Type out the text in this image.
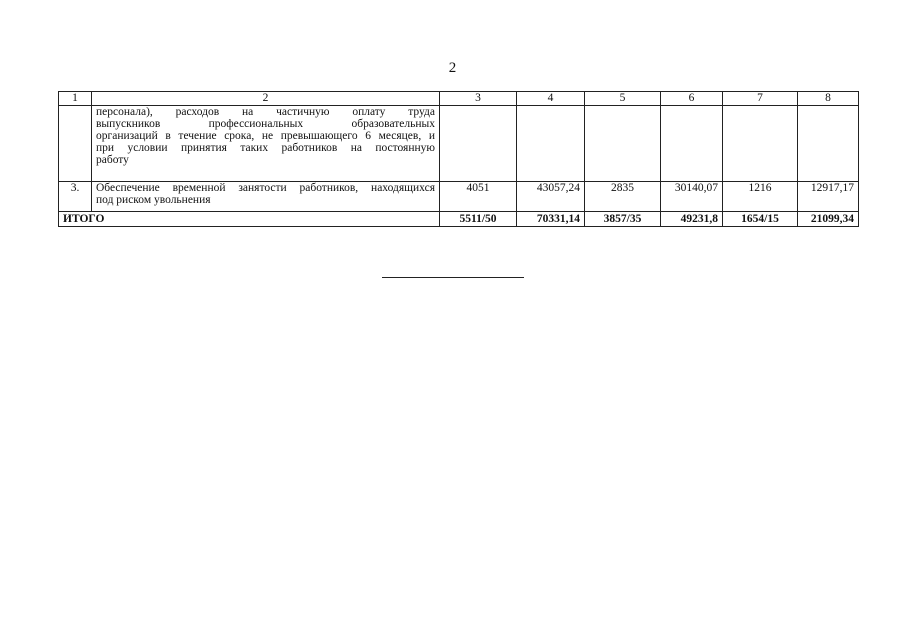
2
1	2	3	4	5	6	7	8

	персонала), расходов на частичную оплату труда
выпускников профессиональных образовательных
организаций в течение срока, не превышающего 6 месяцев, и
при условии принятия таких работников на постоянную
работу						

3.	Обеспечение временной занятости работников, находящихся
под риском увольнения	4051	43057,24	2835	30140,07	1216	12917,17
ИТОГО		5511/50	70331,14	3857/35	49231,8	1654/15	21099,34
